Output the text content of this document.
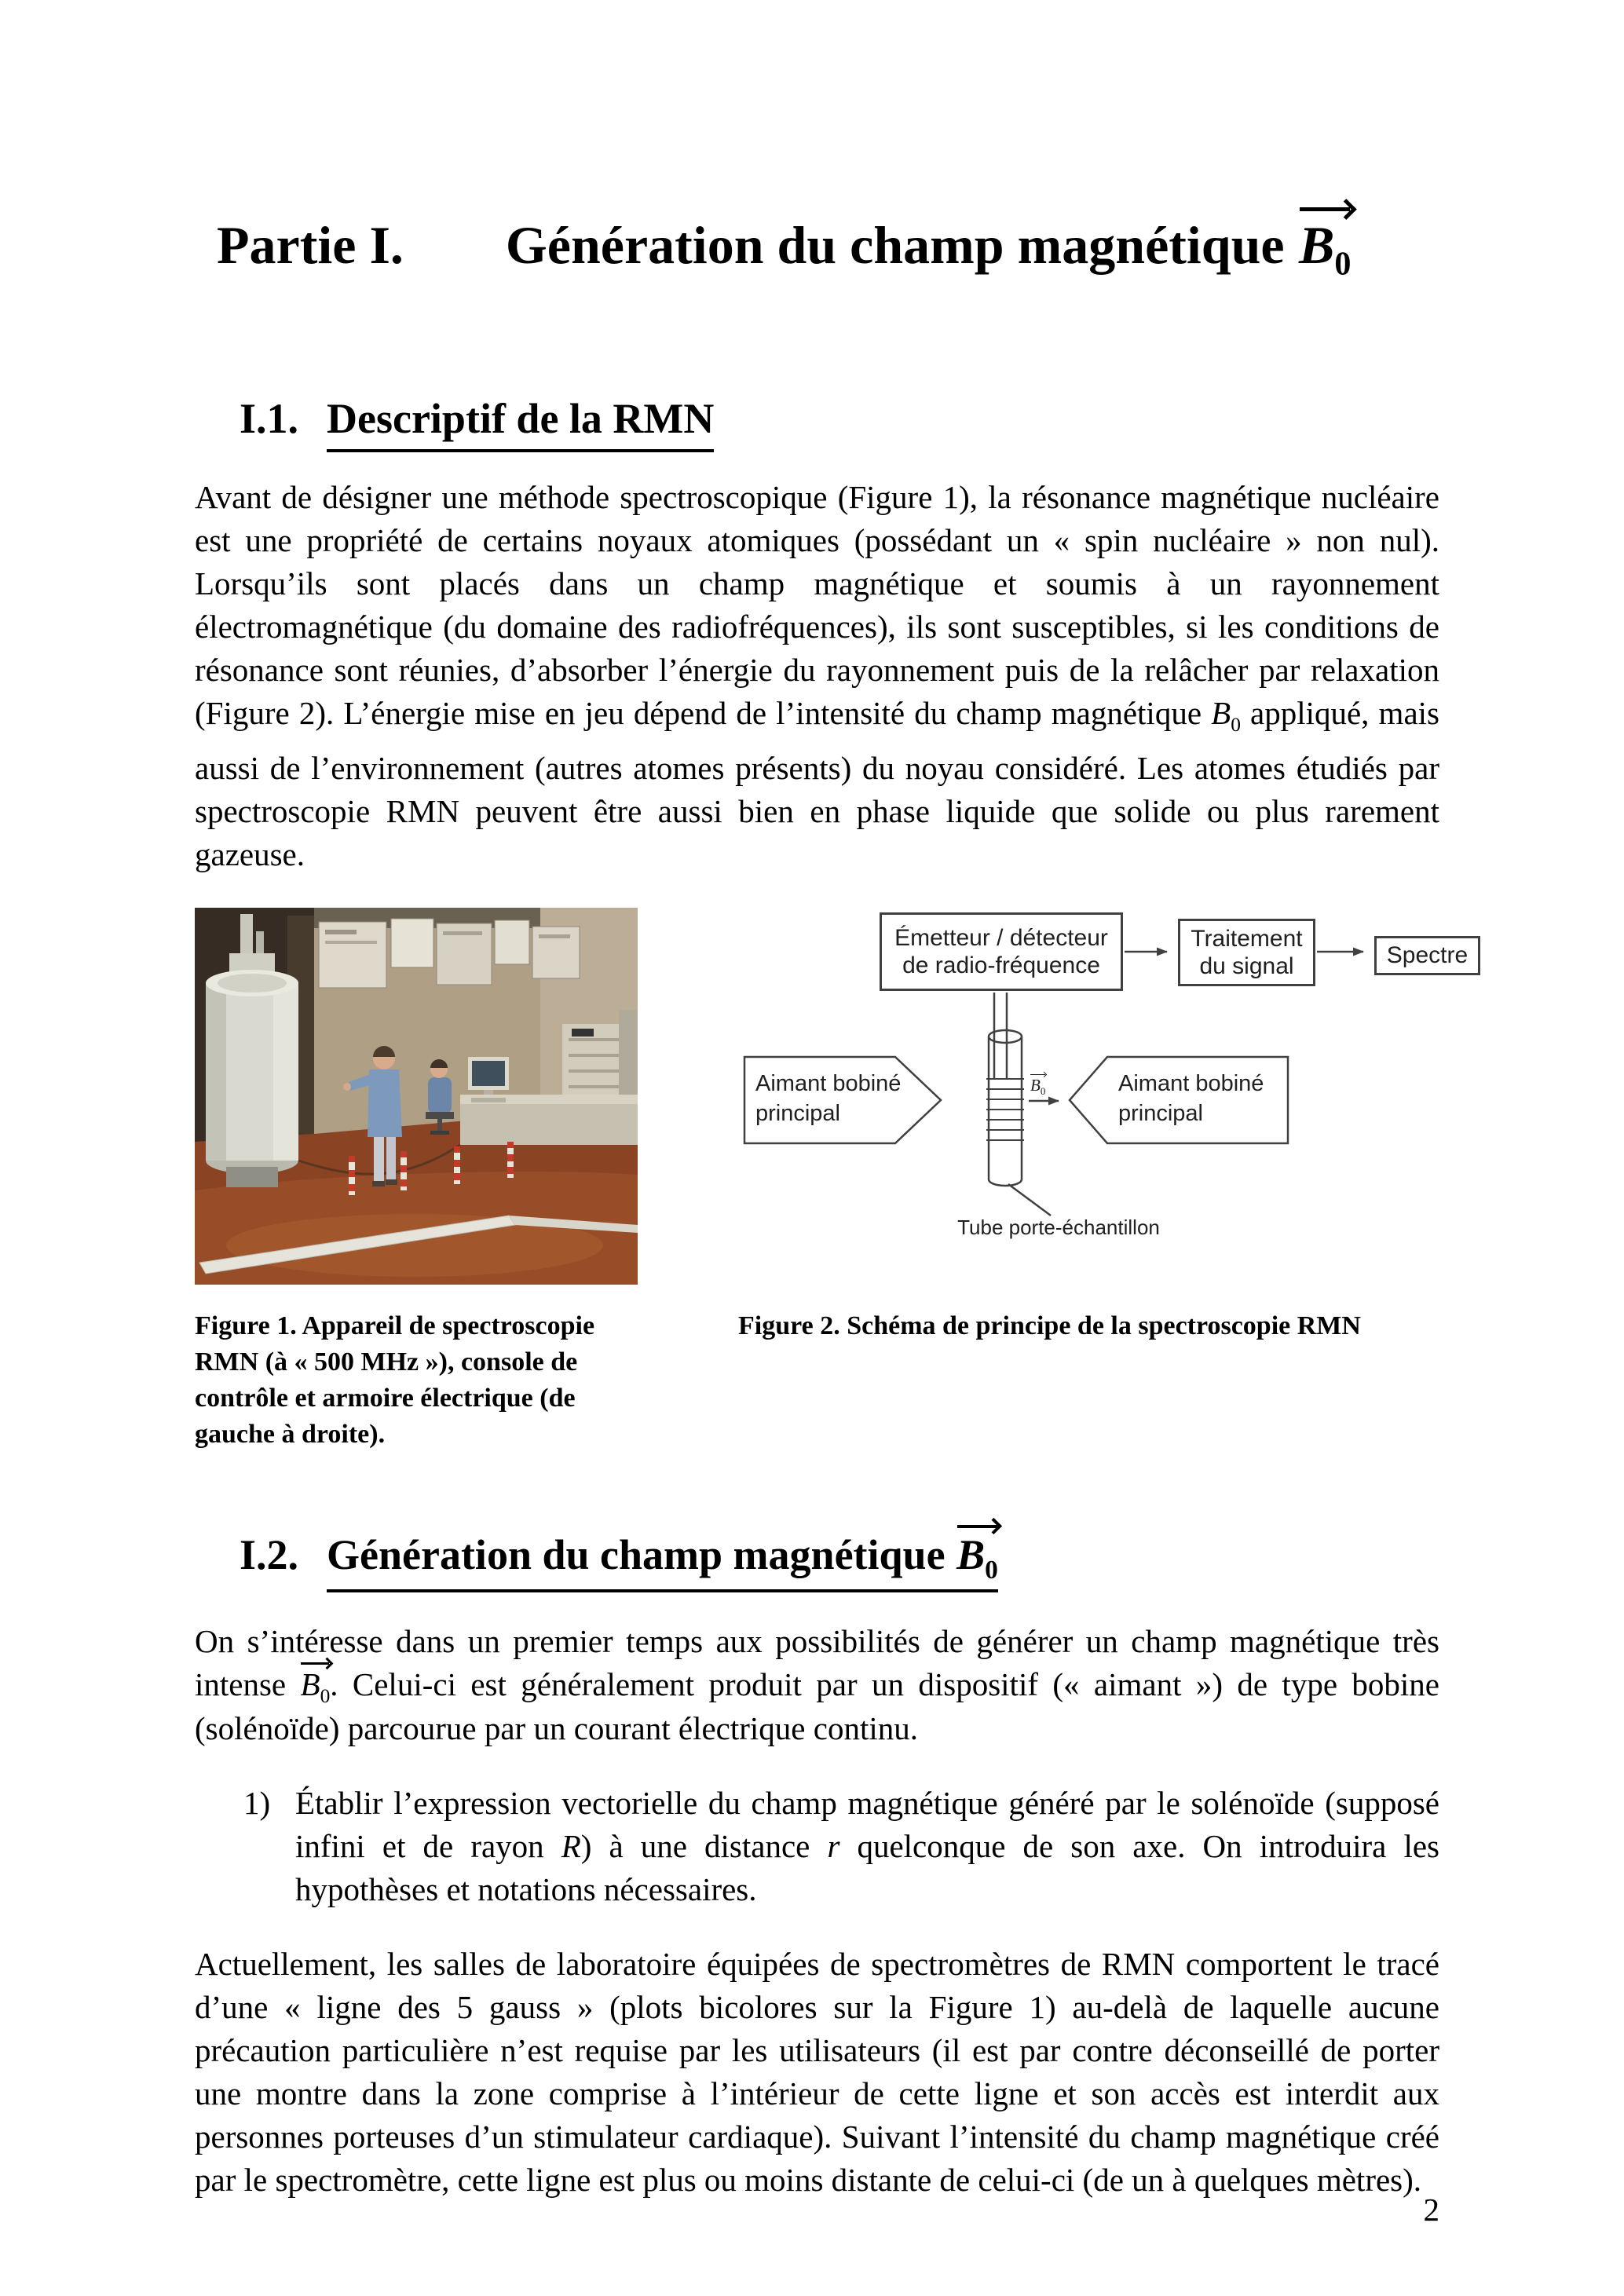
Partie I. Génération du champ magnétique $B_0$
I.1. Descriptif de la RMN

Avant de désigner une méthode spectroscopique (Figure 1), la résonance magnétique nucléaire est une propriété de certains noyaux atomiques (possédant un « spin nucléaire » non nul). Lorsqu’ils sont placés dans un champ magnétique et soumis à un rayonnement électromagnétique (du domaine des radiofréquences), ils sont susceptibles, si les conditions de résonance sont réunies, d’absorber l’énergie du rayonnement puis de la relâcher par relaxation (Figure 2). L’énergie mise en jeu dépend de l’intensité du champ magnétique $B_0$ appliqué, mais aussi de l’environnement (autres atomes présents) du noyau considéré. Les atomes étudiés par spectroscopie RMN peuvent être aussi bien en phase liquide que solide ou plus rarement gazeuse.

Émetteur / détecteur de radio-fréquence
Traitement du signal	Spectre
Aimant bobiné principal
Aimant bobiné principal
$B_0$
Tube porte-échantillon
Figure 1. Appareil de spectroscopie RMN (à « 500 MHz »), console de contrôle et armoire électrique (de gauche à droite).
Figure 2. Schéma de principe de la spectroscopie RMN
I.2. Génération du champ magnétique $B_0$

On s’intéresse dans un premier temps aux possibilités de générer un champ magnétique très intense
$B_0$. Celui-ci est généralement produit par un dispositif (« aimant ») de type bobine (solénoïde) parcourue par un courant électrique continu.

1) Établir l’expression vectorielle du champ magnétique généré par le solénoïde (supposé infini et de rayon R) à une distance r quelconque de son axe. On introduira les hypothèses et notations nécessaires.

Actuellement, les salles de laboratoire équipées de spectromètres de RMN comportent le tracé d’une « ligne des 5 gauss » (plots bicolores sur la Figure 1) au-delà de laquelle aucune précaution particulière n’est requise par les utilisateurs (il est par contre déconseillé de porter une montre dans la zone comprise à l’intérieur de cette ligne et son accès est interdit aux personnes porteuses d’un stimulateur cardiaque). Suivant l’intensité du champ magnétique créé par le spectromètre, cette ligne est plus ou moins distante de celui-ci (de un à quelques mètres).

2
